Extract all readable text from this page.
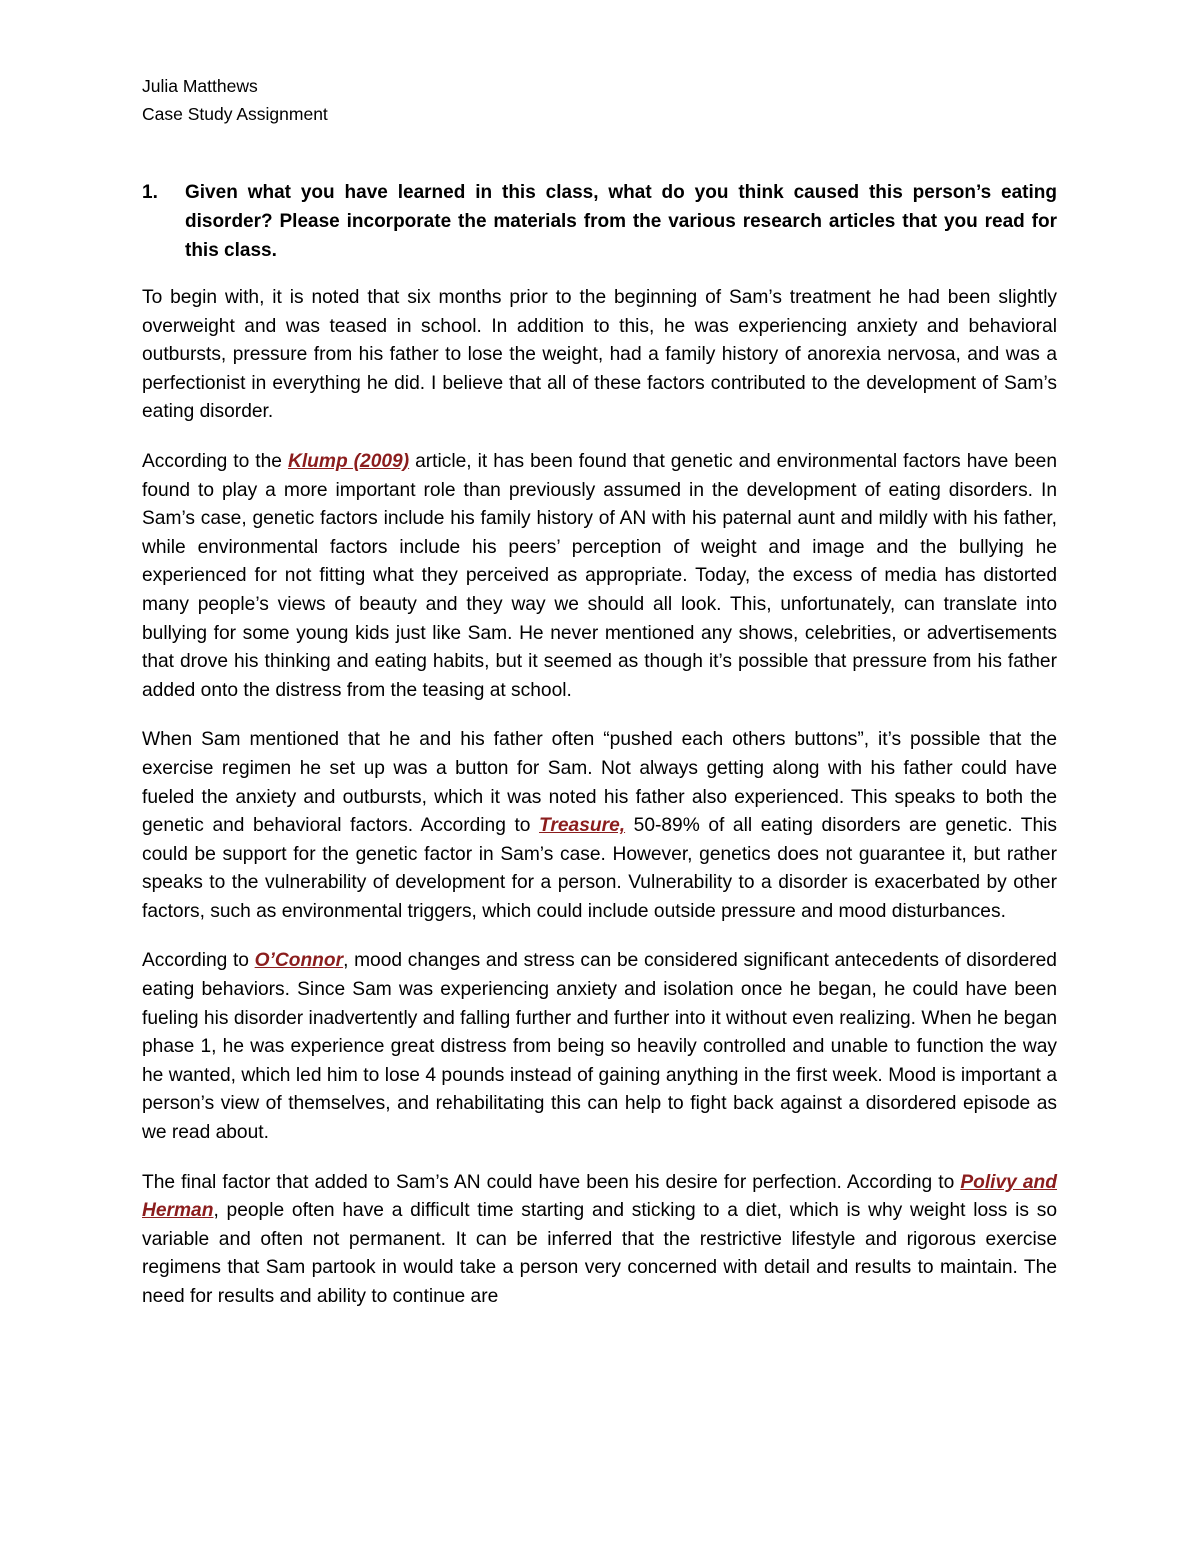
Julia Matthews
Case Study Assignment
1.	Given what you have learned in this class, what do you think caused this person’s eating disorder? Please incorporate the materials from the various research articles that you read for this class.

To begin with, it is noted that six months prior to the beginning of Sam’s treatment he had been slightly overweight and was teased in school. In addition to this, he was experiencing anxiety and behavioral outbursts, pressure from his father to lose the weight, had a family history of anorexia nervosa, and was a perfectionist in everything he did. I believe that all of these factors contributed to the development of Sam’s eating disorder.

According to the Klump (2009) article, it has been found that genetic and environmental factors have been found to play a more important role than previously assumed in the development of eating disorders. In Sam’s case, genetic factors include his family history of AN with his paternal aunt and mildly with his father, while environmental factors include his peers’ perception of weight and image and the bullying he experienced for not fitting what they perceived as appropriate. Today, the excess of media has distorted many people’s views of beauty and they way we should all look. This, unfortunately, can translate into bullying for some young kids just like Sam. He never mentioned any shows, celebrities, or advertisements that drove his thinking and eating habits, but it seemed as though it’s possible that pressure from his father added onto the distress from the teasing at school.

When Sam mentioned that he and his father often “pushed each others buttons”, it’s possible that the exercise regimen he set up was a button for Sam. Not always getting along with his father could have fueled the anxiety and outbursts, which it was noted his father also experienced. This speaks to both the genetic and behavioral factors. According to Treasure, 50-89% of all eating disorders are genetic. This could be support for the genetic factor in Sam’s case. However, genetics does not guarantee it, but rather speaks to the vulnerability of development for a person. Vulnerability to a disorder is exacerbated by other factors, such as environmental triggers, which could include outside pressure and mood disturbances.

According to O’Connor, mood changes and stress can be considered significant antecedents of disordered eating behaviors. Since Sam was experiencing anxiety and isolation once he began, he could have been fueling his disorder inadvertently and falling further and further into it without even realizing. When he began phase 1, he was experience great distress from being so heavily controlled and unable to function the way he wanted, which led him to lose 4 pounds instead of gaining anything in the first week. Mood is important a person’s view of themselves, and rehabilitating this can help to fight back against a disordered episode as we read about.

The final factor that added to Sam’s AN could have been his desire for perfection. According to Polivy and Herman, people often have a difficult time starting and sticking to a diet, which is why weight loss is so variable and often not permanent. It can be inferred that the restrictive lifestyle and rigorous exercise regimens that Sam partook in would take a person very concerned with detail and results to maintain. The need for results and ability to continue are
